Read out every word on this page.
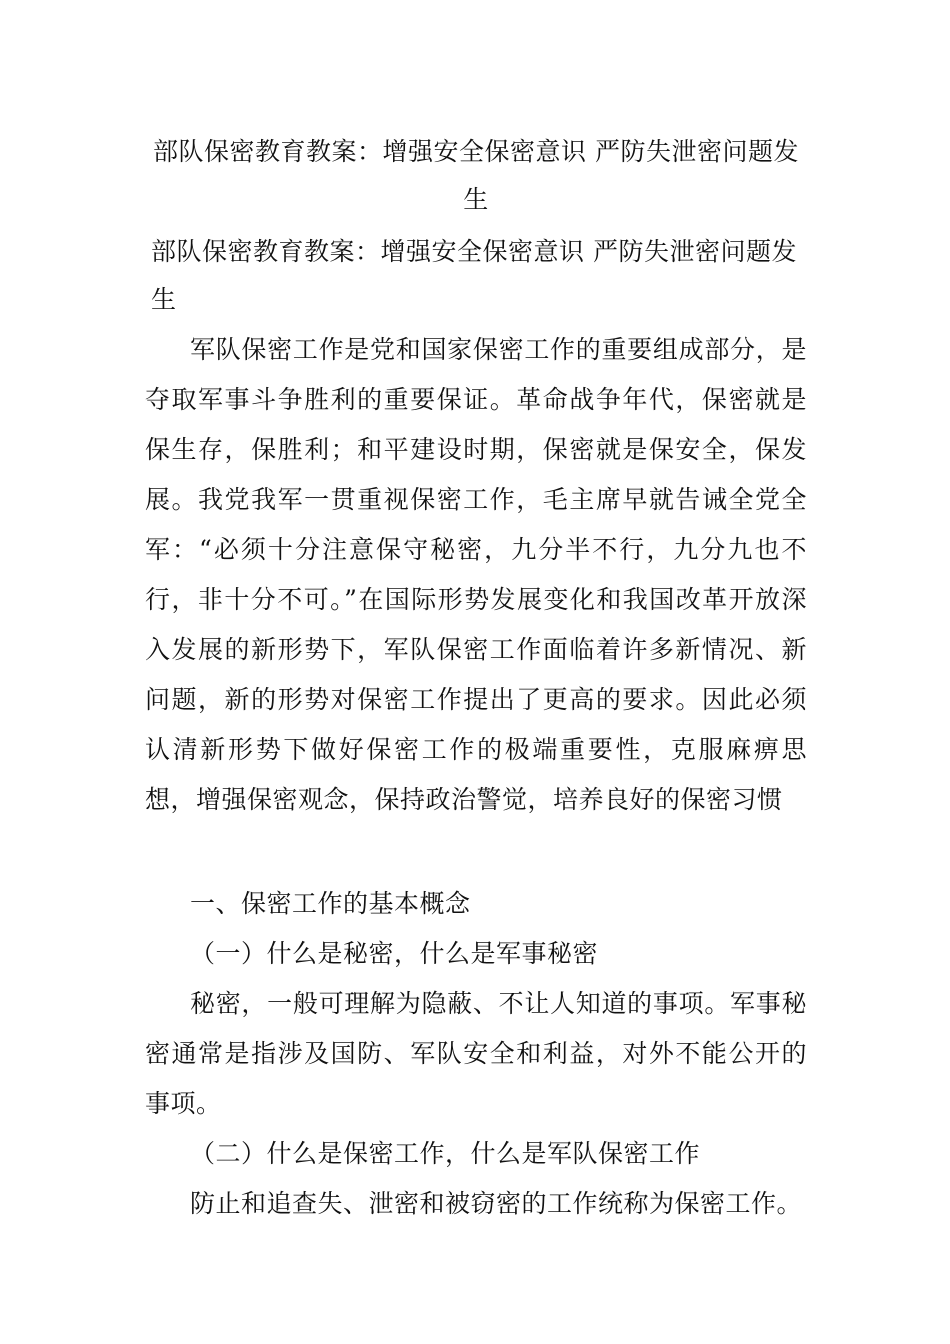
部队保密教育教案：增强安全保密意识 严防失泄密问题发生

部队保密教育教案：增强安全保密意识 严防失泄密问题发生

军队保密工作是党和国家保密工作的重要组成部分，是夺取军事斗争胜利的重要保证。革命战争年代，保密就是保生存，保胜利；和平建设时期，保密就是保安全，保发展。我党我军一贯重视保密工作，毛主席早就告诫全党全军：“必须十分注意保守秘密，九分半不行，九分九也不行，非十分不可。”在国际形势发展变化和我国改革开放深入发展的新形势下，军队保密工作面临着许多新情况、新问题，新的形势对保密工作提出了更高的要求。因此必须认清新形势下做好保密工作的极端重要性，克服麻痹思想，增强保密观念，保持政治警觉，培养良好的保密习惯

一、保密工作的基本概念

（一）什么是秘密，什么是军事秘密

秘密，一般可理解为隐蔽、不让人知道的事项。军事秘密通常是指涉及国防、军队安全和利益，对外不能公开的事项。

（二）什么是保密工作，什么是军队保密工作

防止和追查失、泄密和被窃密的工作统称为保密工作。
